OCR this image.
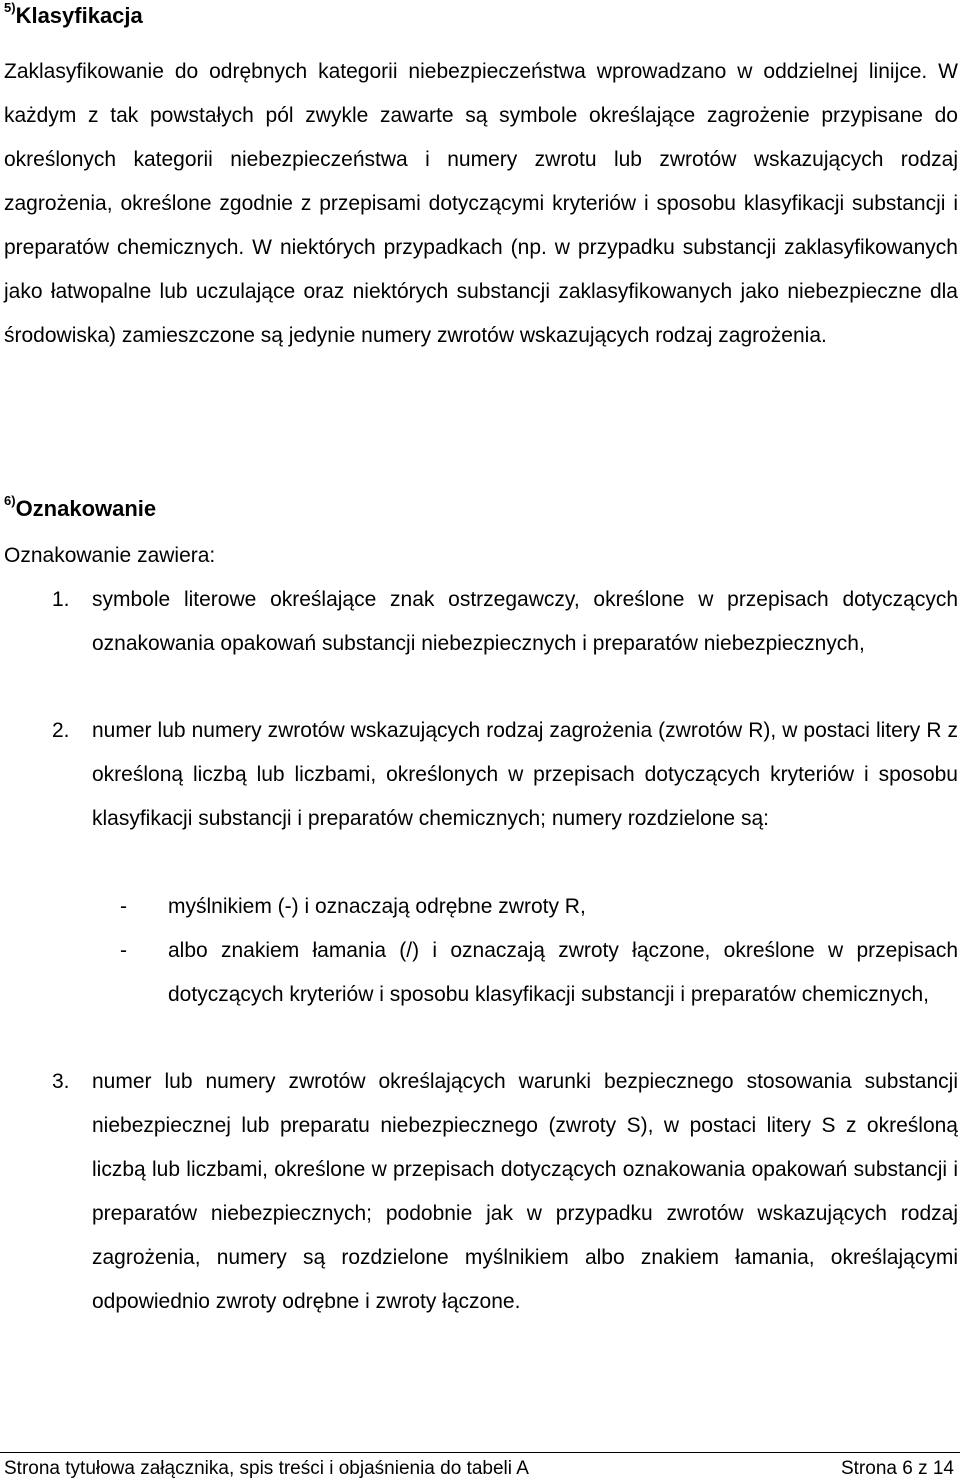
$^{5)}$Klasyfikacja
Zaklasyfikowanie do odrębnych kategorii niebezpieczeństwa wprowadzano w oddzielnej linijce. W każdym z tak powstałych pól zwykle zawarte są symbole określające zagrożenie przypisane do określonych kategorii niebezpieczeństwa i numery zwrotu lub zwrotów wskazujących rodzaj zagrożenia, określone zgodnie z przepisami dotyczącymi kryteriów i sposobu klasyfikacji substancji i preparatów chemicznych. W niektórych przypadkach (np. w przypadku substancji zaklasyfikowanych jako łatwopalne lub uczulające oraz niektórych substancji zaklasyfikowanych jako niebezpieczne dla środowiska) zamieszczone są jedynie numery zwrotów wskazujących rodzaj zagrożenia.
$^{6)}$Oznakowanie
Oznakowanie zawiera:
1.	symbole literowe określające znak ostrzegawczy, określone w przepisach dotyczących oznakowania opakowań substancji niebezpiecznych i preparatów niebezpiecznych,
2.	numer lub numery zwrotów wskazujących rodzaj zagrożenia (zwrotów R), w postaci litery R z określoną liczbą lub liczbami, określonych w przepisach dotyczących kryteriów i sposobu klasyfikacji substancji i preparatów chemicznych; numery rozdzielone są:
- myślnikiem (-) i oznaczają odrębne zwroty R,
- albo znakiem łamania (/) i oznaczają zwroty łączone, określone w przepisach dotyczących kryteriów i sposobu klasyfikacji substancji i preparatów chemicznych,
3.	numer lub numery zwrotów określających warunki bezpiecznego stosowania substancji niebezpiecznej lub preparatu niebezpiecznego (zwroty S), w postaci litery S z określoną liczbą lub liczbami, określone w przepisach dotyczących oznakowania opakowań substancji i preparatów niebezpiecznych; podobnie jak w przypadku zwrotów wskazujących rodzaj zagrożenia, numery są rozdzielone myślnikiem albo znakiem łamania, określającymi odpowiednio zwroty odrębne i zwroty łączone.
Strona tytułowa załącznika, spis treści i objaśnienia do tabeli A	Strona 6 z 14
